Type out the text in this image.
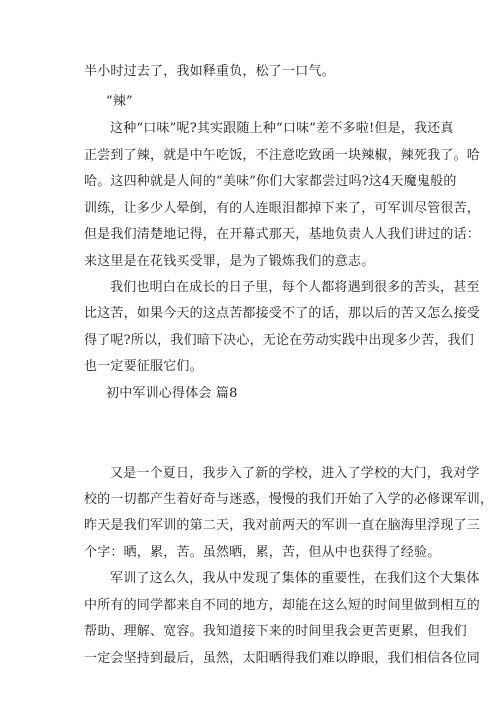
半小时过去了，我如释重负，松了一口气。
“辣”
这种“口味”呢?其实跟随上种“口味”差不多啦!但是，我还真
正尝到了辣，就是中午吃饭，不注意吃致函一块辣椒，辣死我了。哈
哈。这四种就是人间的“美味”你们大家都尝过吗?这4天魔鬼般的
训练，让多少人晕倒，有的人连眼泪都掉下来了，可军训尽管很苦，
但是我们清楚地记得，在开幕式那天，基地负责人人我们讲过的话：
来这里是在花钱买受罪，是为了锻炼我们的意志。
我们也明白在成长的日子里，每个人都将遇到很多的苦头，甚至
比这苦，如果今天的这点苦都接受不了的话，那以后的苦又怎么接受
得了呢?所以，我们暗下决心，无论在劳动实践中出现多少苦，我们
也一定要征服它们。
初中军训心得体会 篇8
又是一个夏日，我步入了新的学校，进入了学校的大门，我对学
校的一切都产生着好奇与迷惑，慢慢的我们开始了入学的必修课军训，
昨天是我们军训的第二天，我对前两天的军训一直在脑海里浮现了三
个字：晒，累，苦。虽然晒，累，苦，但从中也获得了经验。
军训了这么久，我从中发现了集体的重要性，在我们这个大集体
中所有的同学都来自不同的地方，却能在这么短的时间里做到相互的
帮助、理解、宽容。我知道接下来的时间里我会更苦更累，但我们
一定会坚持到最后，虽然，太阳晒得我们难以睁眼，我们相信各位同
